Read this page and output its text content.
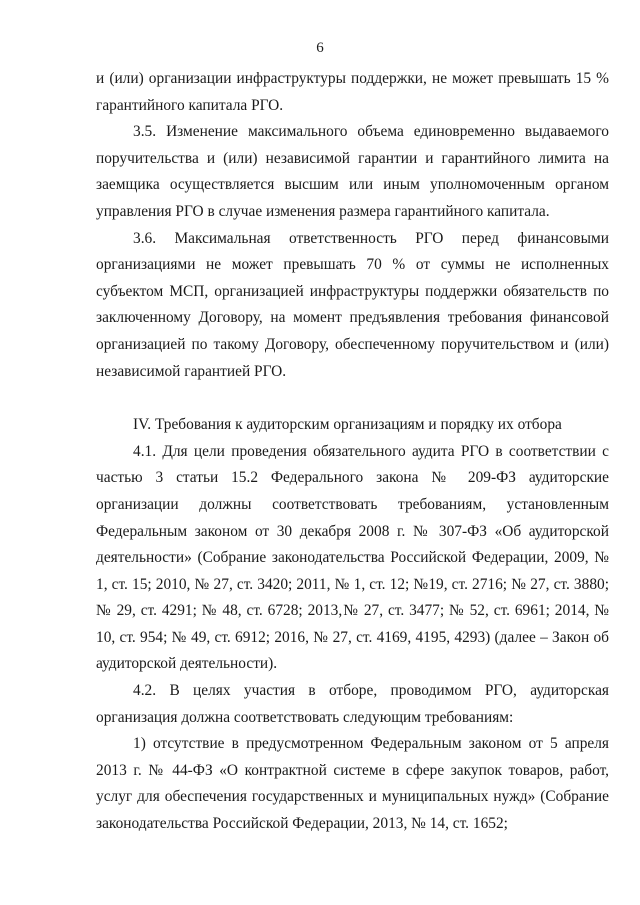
6

и (или) организации инфраструктуры поддержки, не может превышать 15 % гарантийного капитала РГО.

3.5. Изменение максимального объема единовременно выдаваемого поручительства и (или) независимой гарантии и гарантийного лимита на заемщика осуществляется высшим или иным уполномоченным органом управления РГО в случае изменения размера гарантийного капитала.

3.6. Максимальная ответственность РГО перед финансовыми организациями не может превышать 70 % от суммы не исполненных субъектом МСП, организацией инфраструктуры поддержки обязательств по заключенному Договору, на момент предъявления требования финансовой организацией по такому Договору, обеспеченному поручительством и (или) независимой гарантией РГО.

IV. Требования к аудиторским организациям и порядку их отбора

4.1. Для цели проведения обязательного аудита РГО в соответствии с частью 3 статьи 15.2 Федерального закона № 209-ФЗ аудиторские организации должны соответствовать требованиям, установленным Федеральным законом от 30 декабря 2008 г. № 307-ФЗ «Об аудиторской деятельности» (Собрание законодательства Российской Федерации, 2009, № 1, ст. 15; 2010, № 27, ст. 3420; 2011, № 1, ст. 12; №19, ст. 2716; № 27, ст. 3880; № 29, ст. 4291; № 48, ст. 6728; 2013,№ 27, ст. 3477; № 52, ст. 6961; 2014, № 10, ст. 954; № 49, ст. 6912; 2016, № 27, ст. 4169, 4195, 4293) (далее – Закон об аудиторской деятельности).

4.2. В целях участия в отборе, проводимом РГО, аудиторская организация должна соответствовать следующим требованиям:

1) отсутствие в предусмотренном Федеральным законом от 5 апреля 2013 г. № 44-ФЗ «О контрактной системе в сфере закупок товаров, работ, услуг для обеспечения государственных и муниципальных нужд» (Собрание законодательства Российской Федерации, 2013, № 14, ст. 1652;
